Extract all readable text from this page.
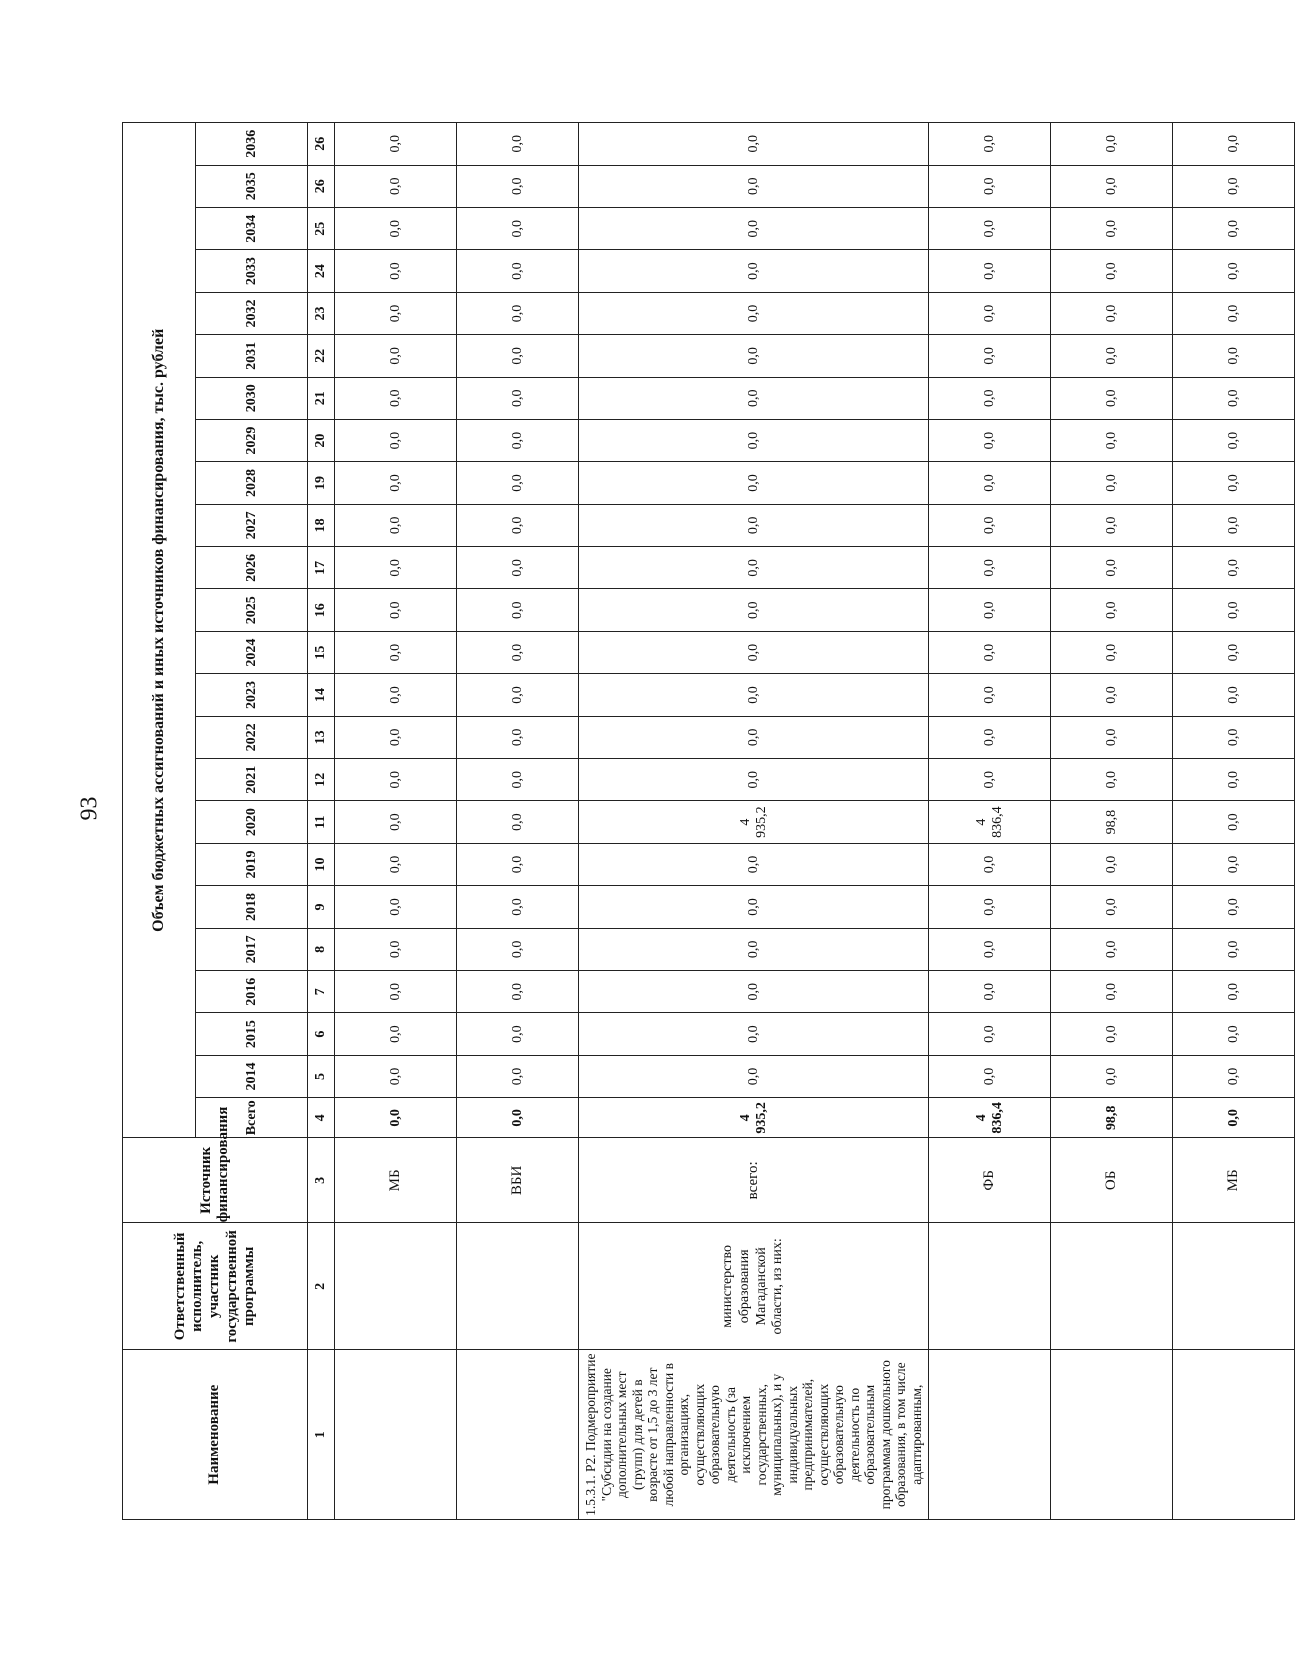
93
Наименование	Ответственный исполнитель, участник государственной программы	Источник финансирования	Объем бюджетных ассигнований и иных источников финансирования, тыс. рублей																							
			Всего	2014	2015	2016	2017	2018	2019	2020	2021	2022	2023	2024	2025	2026	2027	2028	2029	2030	2031	2032	2033	2034	2035	2036
1	2	3	4	5	6	7	8	9	10	11	12	13	14	15	16	17	18	19	20	21	22	23	24	25	26	26
		МБ	0,0	0,0	0,0	0,0	0,0	0,0	0,0	0,0	0,0	0,0	0,0	0,0	0,0	0,0	0,0	0,0	0,0	0,0	0,0	0,0	0,0	0,0	0,0	0,0
		ВБИ	0,0	0,0	0,0	0,0	0,0	0,0	0,0	0,0	0,0	0,0	0,0	0,0	0,0	0,0	0,0	0,0	0,0	0,0	0,0	0,0	0,0	0,0	0,0	0,0
1.5.3.1. P2. Подмероприятие "Субсидии на создание дополнительных мест (групп) для детей в возрасте от 1,5 до 3 лет любой направленности в организациях, осуществляющих образовательную деятельность (за исключением государственных, муниципальных), и у индивидуальных предпринимателей, осуществляющих образовательную деятельность по образовательным программам дошкольного образования, в том числе адаптированным,	министерство образования Магаданской области, из них:	всего:	4 935,2	0,0	0,0	0,0	0,0	0,0	0,0	4 935,2	0,0	0,0	0,0	0,0	0,0	0,0	0,0	0,0	0,0	0,0	0,0	0,0	0,0	0,0	0,0	0,0
		ФБ	4 836,4	0,0	0,0	0,0	0,0	0,0	0,0	4 836,4	0,0	0,0	0,0	0,0	0,0	0,0	0,0	0,0	0,0	0,0	0,0	0,0	0,0	0,0	0,0	0,0
		ОБ	98,8	0,0	0,0	0,0	0,0	0,0	0,0	98,8	0,0	0,0	0,0	0,0	0,0	0,0	0,0	0,0	0,0	0,0	0,0	0,0	0,0	0,0	0,0	0,0
		МБ	0,0	0,0	0,0	0,0	0,0	0,0	0,0	0,0	0,0	0,0	0,0	0,0	0,0	0,0	0,0	0,0	0,0	0,0	0,0	0,0	0,0	0,0	0,0	0,0
